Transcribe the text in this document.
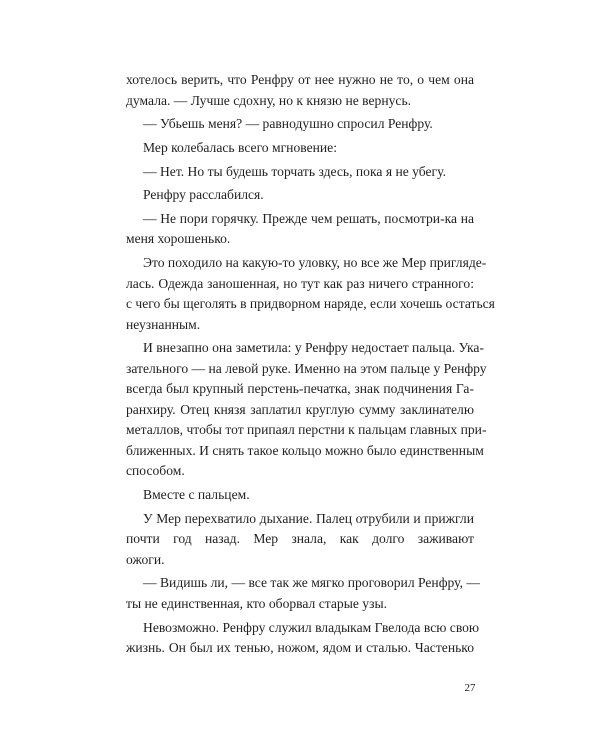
хотелось верить, что Ренфру от нее нужно не то, о чем она
думала. — Лучше сдохну, но к князю не вернусь.
— Убьешь меня? — равнодушно спросил Ренфру.
Мер колебалась всего мгновение:
— Нет. Но ты будешь торчать здесь, пока я не убегу.
Ренфру расслабился.
— Не пори горячку. Прежде чем решать, посмотри-ка на
меня хорошенько.
Это походило на какую-то уловку, но все же Мер пригляде-
лась. Одежда заношенная, но тут как раз ничего странного:
с чего бы щеголять в придворном наряде, если хочешь остаться
неузнанным.
И внезапно она заметила: у Ренфру недостает пальца. Ука-
зательного — на левой руке. Именно на этом пальце у Ренфру
всегда был крупный перстень-печатка, знак подчинения Га-
ранхиру. Отец князя заплатил круглую сумму заклинателю
металлов, чтобы тот припаял перстни к пальцам главных при-
ближенных. И снять такое кольцо можно было единственным
способом.
Вместе с пальцем.
У Мер перехватило дыхание. Палец отрубили и прижгли
почти год назад. Мер знала, как долго заживают
ожоги.
— Видишь ли, — все так же мягко проговорил Ренфру, —
ты не единственная, кто оборвал старые узы.
Невозможно. Ренфру служил владыкам Гвелода всю свою
жизнь. Он был их тенью, ножом, ядом и сталью. Частенько
27
